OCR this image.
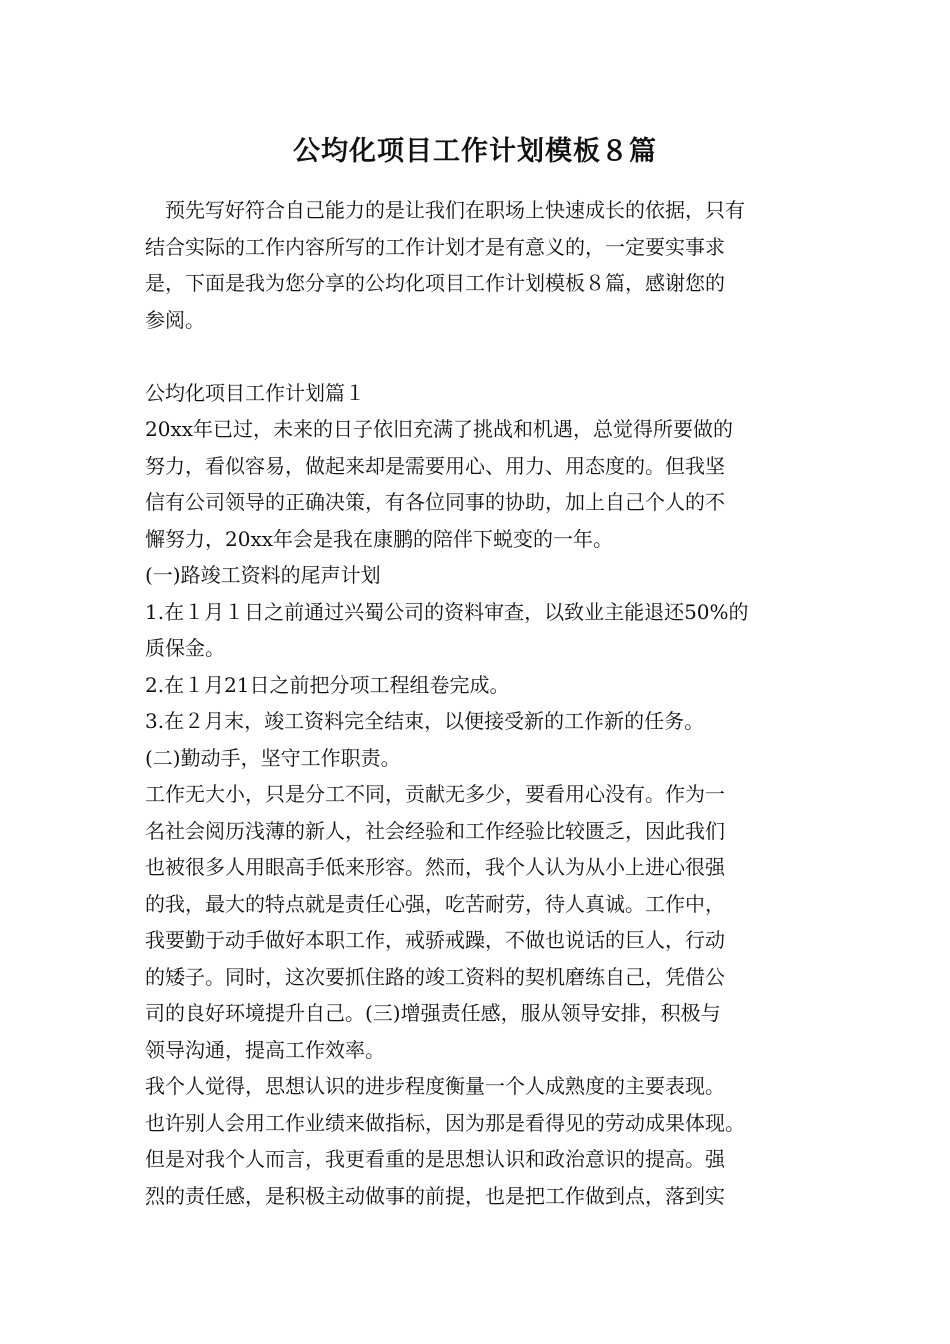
公均化项目工作计划模板８篇
　预先写好符合自己能力的是让我们在职场上快速成长的依据，只有
结合实际的工作内容所写的工作计划才是有意义的，一定要实事求
是，下面是我为您分享的公均化项目工作计划模板８篇，感谢您的
参阅。
公均化项目工作计划篇１
20xx年已过，未来的日子依旧充满了挑战和机遇，总觉得所要做的
努力，看似容易，做起来却是需要用心、用力、用态度的。但我坚
信有公司领导的正确决策，有各位同事的协助，加上自己个人的不
懈努力，20xx年会是我在康鹏的陪伴下蜕变的一年。
(一)路竣工资料的尾声计划
1.在１月１日之前通过兴蜀公司的资料审查，以致业主能退还50%的
质保金。
2.在１月21日之前把分项工程组卷完成。
3.在２月末，竣工资料完全结束，以便接受新的工作新的任务。
(二)勤动手，坚守工作职责。
工作无大小，只是分工不同，贡献无多少，要看用心没有。作为一
名社会阅历浅薄的新人，社会经验和工作经验比较匮乏，因此我们
也被很多人用眼高手低来形容。然而，我个人认为从小上进心很强
的我，最大的特点就是责任心强，吃苦耐劳，待人真诚。工作中，
我要勤于动手做好本职工作，戒骄戒躁，不做也说话的巨人，行动
的矮子。同时，这次要抓住路的竣工资料的契机磨练自己，凭借公
司的良好环境提升自己。(三)增强责任感，服从领导安排，积极与
领导沟通，提高工作效率。
我个人觉得，思想认识的进步程度衡量一个人成熟度的主要表现。
也许别人会用工作业绩来做指标，因为那是看得见的劳动成果体现。
但是对我个人而言，我更看重的是思想认识和政治意识的提高。强
烈的责任感，是积极主动做事的前提，也是把工作做到点，落到实
